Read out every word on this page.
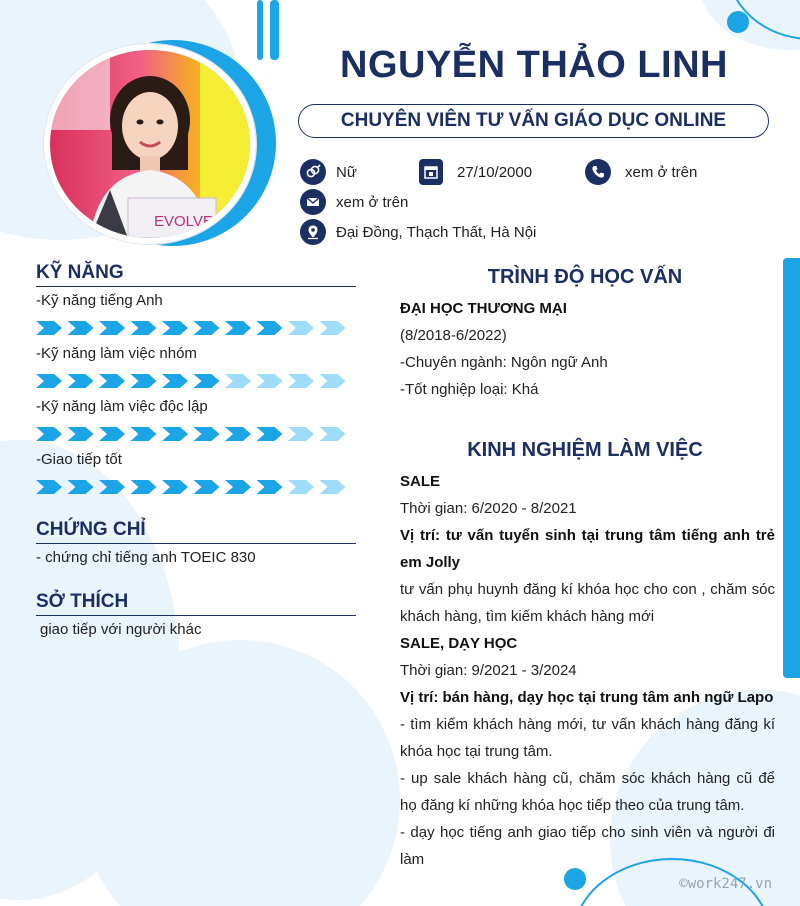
EVOLVE
NGUYỄN THẢO LINH
CHUYÊN VIÊN TƯ VẤN GIÁO DỤC ONLINE
Nữ	27/10/2000	xem ở trên
xem ở trên
Đại Đồng, Thạch Thất, Hà Nội
KỸ NĂNG
-Kỹ năng tiếng Anh
-Kỹ năng làm việc nhóm
-Kỹ năng làm việc độc lập
-Giao tiếp tốt
CHỨNG CHỈ
- chứng chỉ tiếng anh TOEIC 830
SỞ THÍCH
giao tiếp với người khác
TRÌNH ĐỘ HỌC VẤN
ĐẠI HỌC THƯƠNG MẠI
(8/2018-6/2022)
-Chuyên ngành: Ngôn ngữ Anh
-Tốt nghiệp loại: Khá
KINH NGHIỆM LÀM VIỆC
SALE
Thời gian: 6/2020 - 8/2021
Vị trí: tư vấn tuyển sinh tại trung tâm tiếng anh trẻ em Jolly
tư vấn phụ huynh đăng kí khóa học cho con , chăm sóc khách hàng, tìm kiếm khách hàng mới
SALE, DẠY HỌC
Thời gian: 9/2021 - 3/2024
Vị trí: bán hàng, dạy học tại trung tâm anh ngữ Lapo
- tìm kiếm khách hàng mới, tư vấn khách hàng đăng kí khóa học tại trung tâm.
- up sale khách hàng cũ, chăm sóc khách hàng cũ để họ đăng kí những khóa học tiếp theo của trung tâm.
- dạy học tiếng anh giao tiếp cho sinh viên và người đi làm
©work247.vn
